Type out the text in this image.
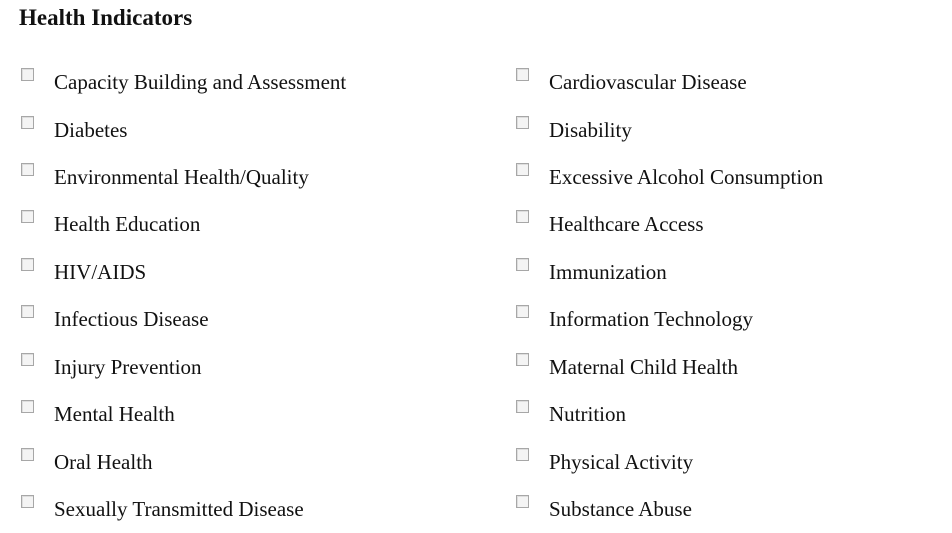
Health Indicators
Capacity Building and Assessment	Cardiovascular Disease
Diabetes	Disability
Environmental Health/Quality	Excessive Alcohol Consumption
Health Education	Healthcare Access
HIV/AIDS	Immunization
Infectious Disease	Information Technology
Injury Prevention	Maternal Child Health
Mental Health	Nutrition
Oral Health	Physical Activity
Sexually Transmitted Disease	Substance Abuse
